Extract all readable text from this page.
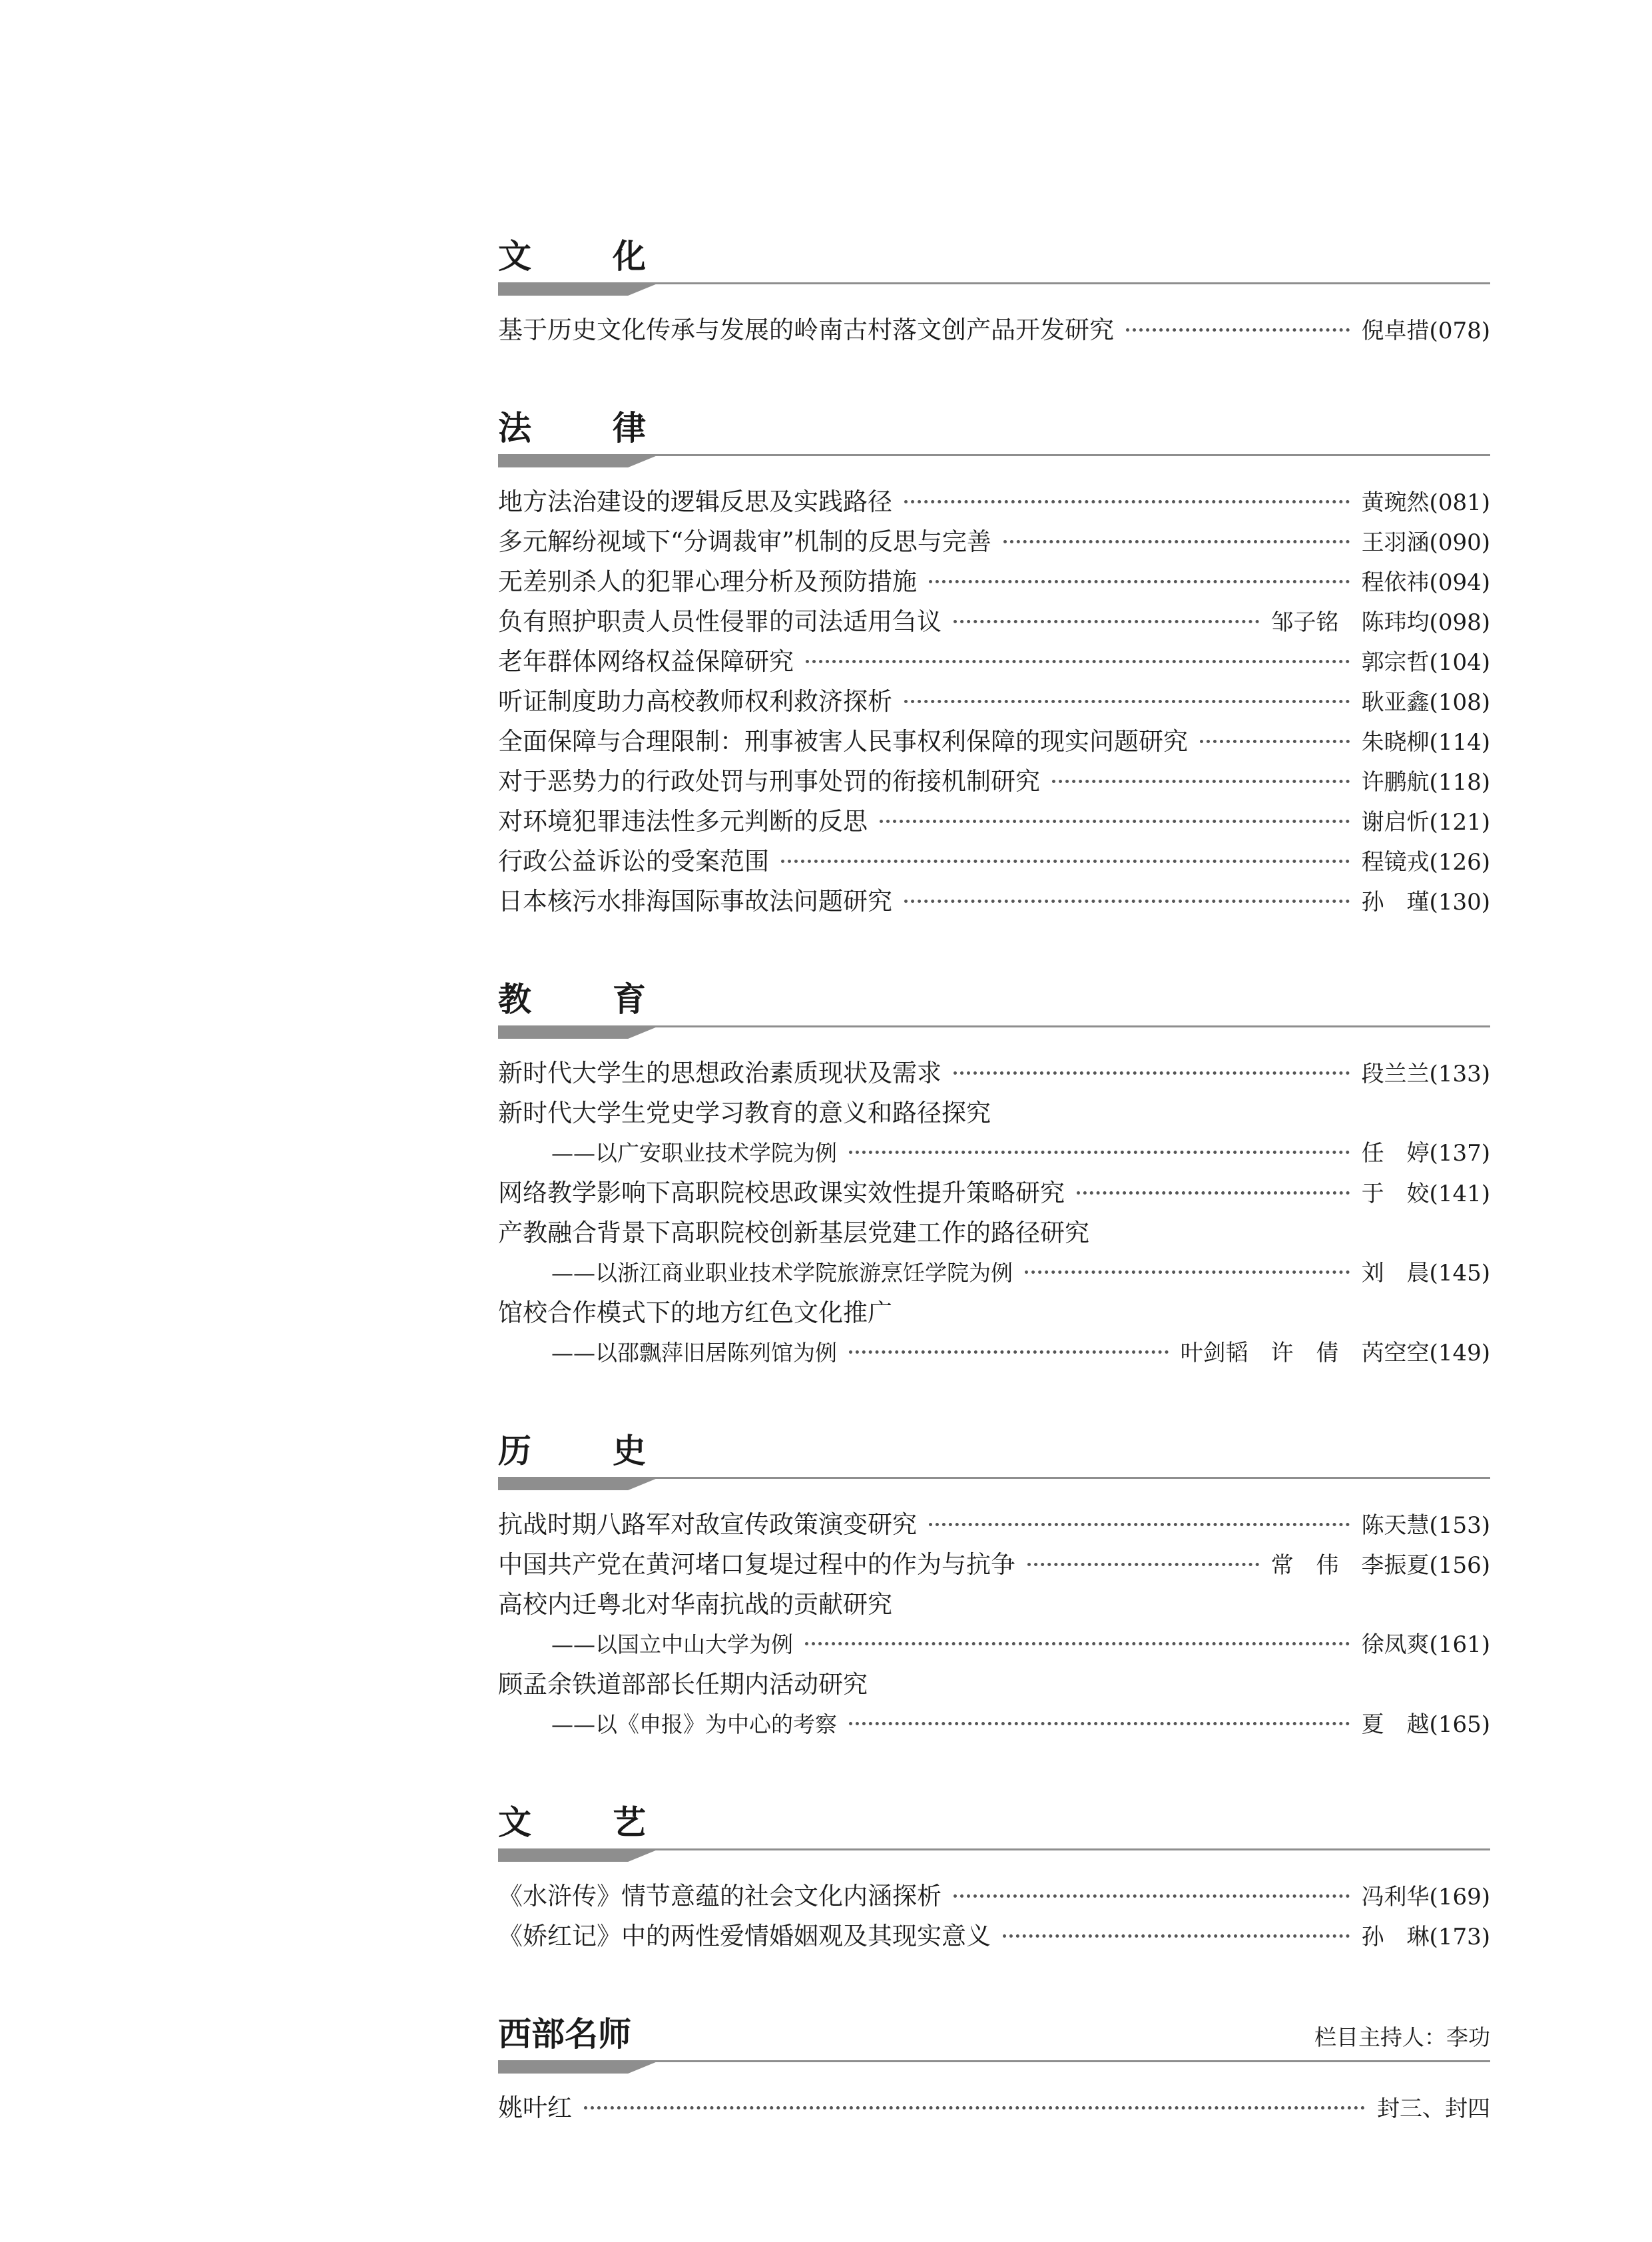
文　化
基于历史文化传承与发展的岭南古村落文创产品开发研究	倪卓措(078)
法　律
地方法治建设的逻辑反思及实践路径	黄琬然(081)
多元解纷视域下“分调裁审”机制的反思与完善	王羽涵(090)
无差别杀人的犯罪心理分析及预防措施	程依祎(094)
负有照护职责人员性侵罪的司法适用刍议	邹子铭　陈玮均(098)
老年群体网络权益保障研究	郭宗哲(104)
听证制度助力高校教师权利救济探析	耿亚鑫(108)
全面保障与合理限制：刑事被害人民事权利保障的现实问题研究	朱晓柳(114)
对于恶势力的行政处罚与刑事处罚的衔接机制研究	许鹏航(118)
对环境犯罪违法性多元判断的反思	谢启忻(121)
行政公益诉讼的受案范围	程镜戎(126)
日本核污水排海国际事故法问题研究	孙　瑾(130)
教　育
新时代大学生的思想政治素质现状及需求	段兰兰(133)
新时代大学生党史学习教育的意义和路径探究
——以广安职业技术学院为例	任　婷(137)
网络教学影响下高职院校思政课实效性提升策略研究	于　姣(141)
产教融合背景下高职院校创新基层党建工作的路径研究
——以浙江商业职业技术学院旅游烹饪学院为例	刘　晨(145)
馆校合作模式下的地方红色文化推广
——以邵飘萍旧居陈列馆为例	叶剑韬　许　倩　芮空空(149)
历　史
抗战时期八路军对敌宣传政策演变研究	陈天慧(153)
中国共产党在黄河堵口复堤过程中的作为与抗争	常　伟　李振夏(156)
高校内迁粤北对华南抗战的贡献研究
——以国立中山大学为例	徐凤爽(161)
顾孟余铁道部部长任期内活动研究
——以《申报》为中心的考察	夏　越(165)
文　艺
《水浒传》情节意蕴的社会文化内涵探析	冯利华(169)
《娇红记》中的两性爱情婚姻观及其现实意义	孙　琳(173)
西部名师	栏目主持人：李功
姚叶红	封三、封四
